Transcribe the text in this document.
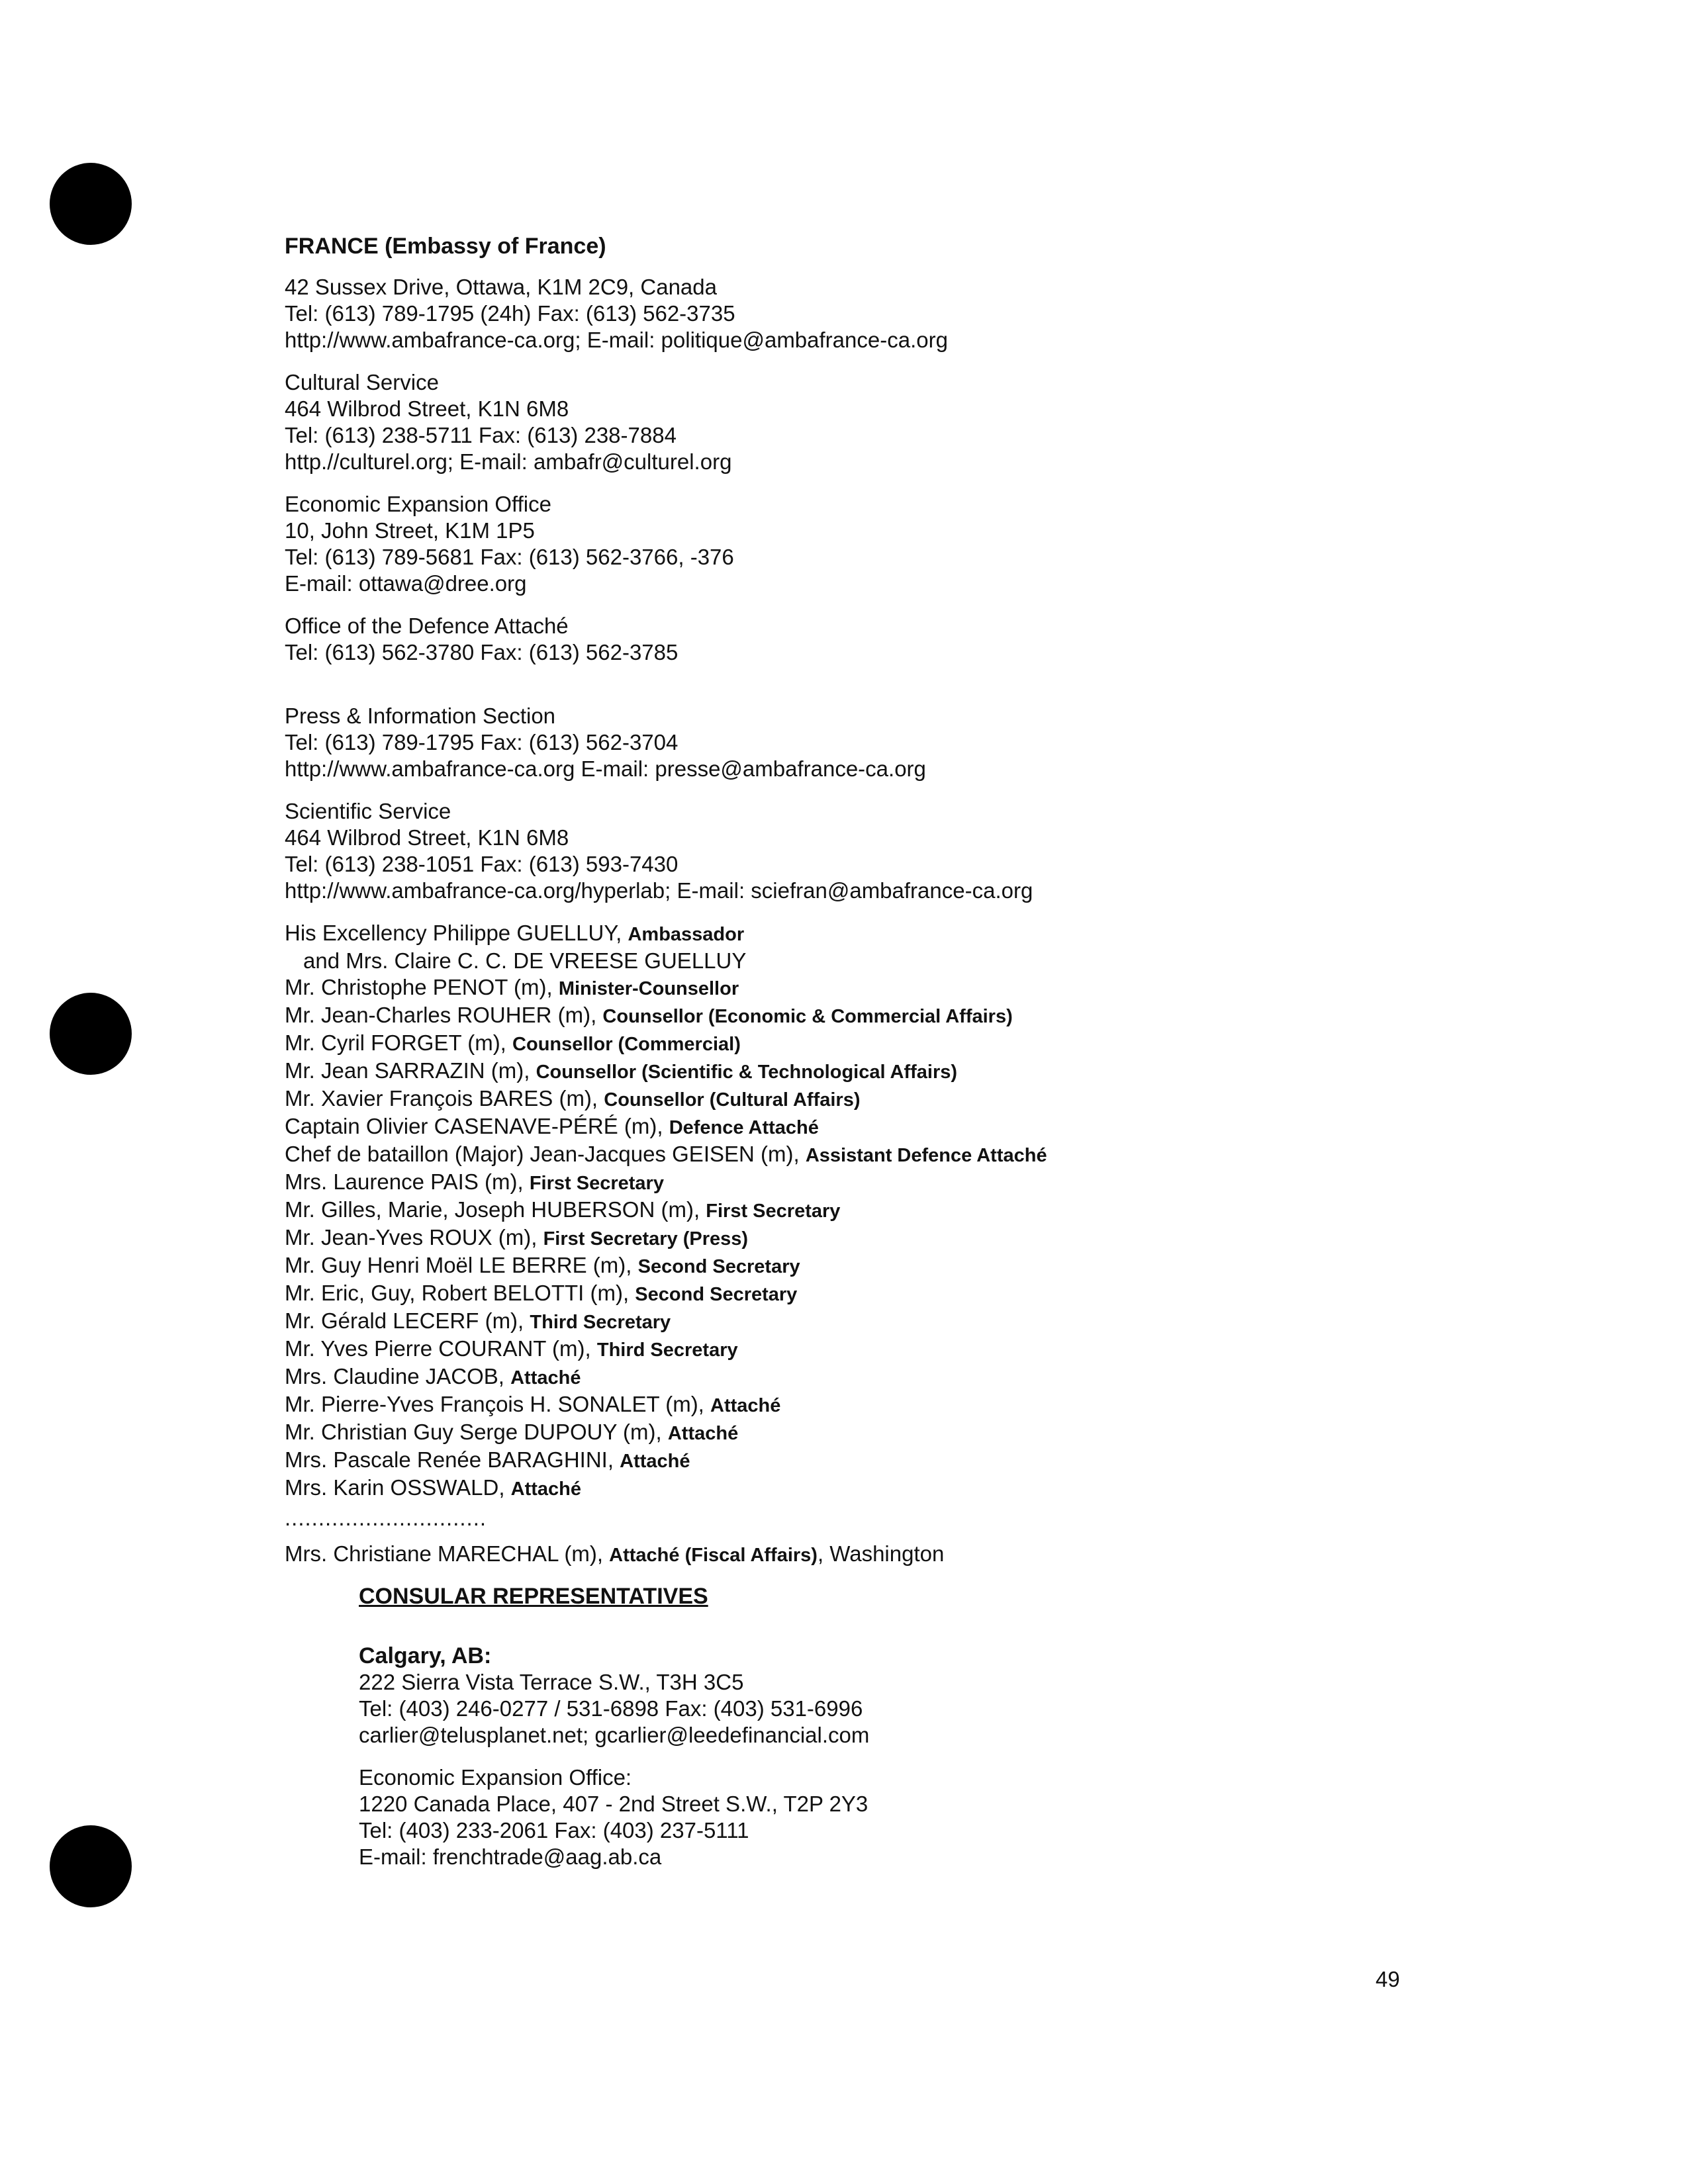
FRANCE (Embassy of France)
42 Sussex Drive, Ottawa, K1M 2C9, Canada
Tel: (613) 789-1795 (24h) Fax: (613) 562-3735
http://www.ambafrance-ca.org; E-mail: politique@ambafrance-ca.org
Cultural Service
464 Wilbrod Street, K1N 6M8
Tel: (613) 238-5711 Fax: (613) 238-7884
http.//culturel.org; E-mail: ambafr@culturel.org
Economic Expansion Office
10, John Street, K1M 1P5
Tel: (613) 789-5681 Fax: (613) 562-3766, -376
E-mail: ottawa@dree.org
Office of the Defence Attaché
Tel: (613) 562-3780 Fax: (613) 562-3785
Press & Information Section
Tel: (613) 789-1795 Fax: (613) 562-3704
http://www.ambafrance-ca.org E-mail: presse@ambafrance-ca.org
Scientific Service
464 Wilbrod Street, K1N 6M8
Tel: (613) 238-1051 Fax: (613) 593-7430
http://www.ambafrance-ca.org/hyperlab; E-mail: sciefran@ambafrance-ca.org
His Excellency Philippe GUELLUY, Ambassador
and Mrs. Claire C. C. DE VREESE GUELLUY
Mr. Christophe PENOT (m), Minister-Counsellor
Mr. Jean-Charles ROUHER (m), Counsellor (Economic & Commercial Affairs)
Mr. Cyril FORGET (m), Counsellor (Commercial)
Mr. Jean SARRAZIN (m), Counsellor (Scientific & Technological Affairs)
Mr. Xavier François BARES (m), Counsellor (Cultural Affairs)
Captain Olivier CASENAVE-PÉRÉ (m), Defence Attaché
Chef de bataillon (Major) Jean-Jacques GEISEN (m), Assistant Defence Attaché
Mrs. Laurence PAIS (m), First Secretary
Mr. Gilles, Marie, Joseph HUBERSON (m), First Secretary
Mr. Jean-Yves ROUX (m), First Secretary (Press)
Mr. Guy Henri Moël LE BERRE (m), Second Secretary
Mr. Eric, Guy, Robert BELOTTI (m), Second Secretary
Mr. Gérald LECERF (m), Third Secretary
Mr. Yves Pierre COURANT (m), Third Secretary
Mrs. Claudine JACOB, Attaché
Mr. Pierre-Yves François H. SONALET (m), Attaché
Mr. Christian Guy Serge DUPOUY (m), Attaché
Mrs. Pascale Renée BARAGHINI, Attaché
Mrs. Karin OSSWALD, Attaché
..............................
Mrs. Christiane MARECHAL (m), Attaché (Fiscal Affairs), Washington
CONSULAR REPRESENTATIVES
Calgary, AB:
222 Sierra Vista Terrace S.W., T3H 3C5
Tel: (403) 246-0277 / 531-6898 Fax: (403) 531-6996
carlier@telusplanet.net; gcarlier@leedefinancial.com
Economic Expansion Office:
1220 Canada Place, 407 - 2nd Street S.W., T2P 2Y3
Tel: (403) 233-2061 Fax: (403) 237-5111
E-mail: frenchtrade@aag.ab.ca
49
